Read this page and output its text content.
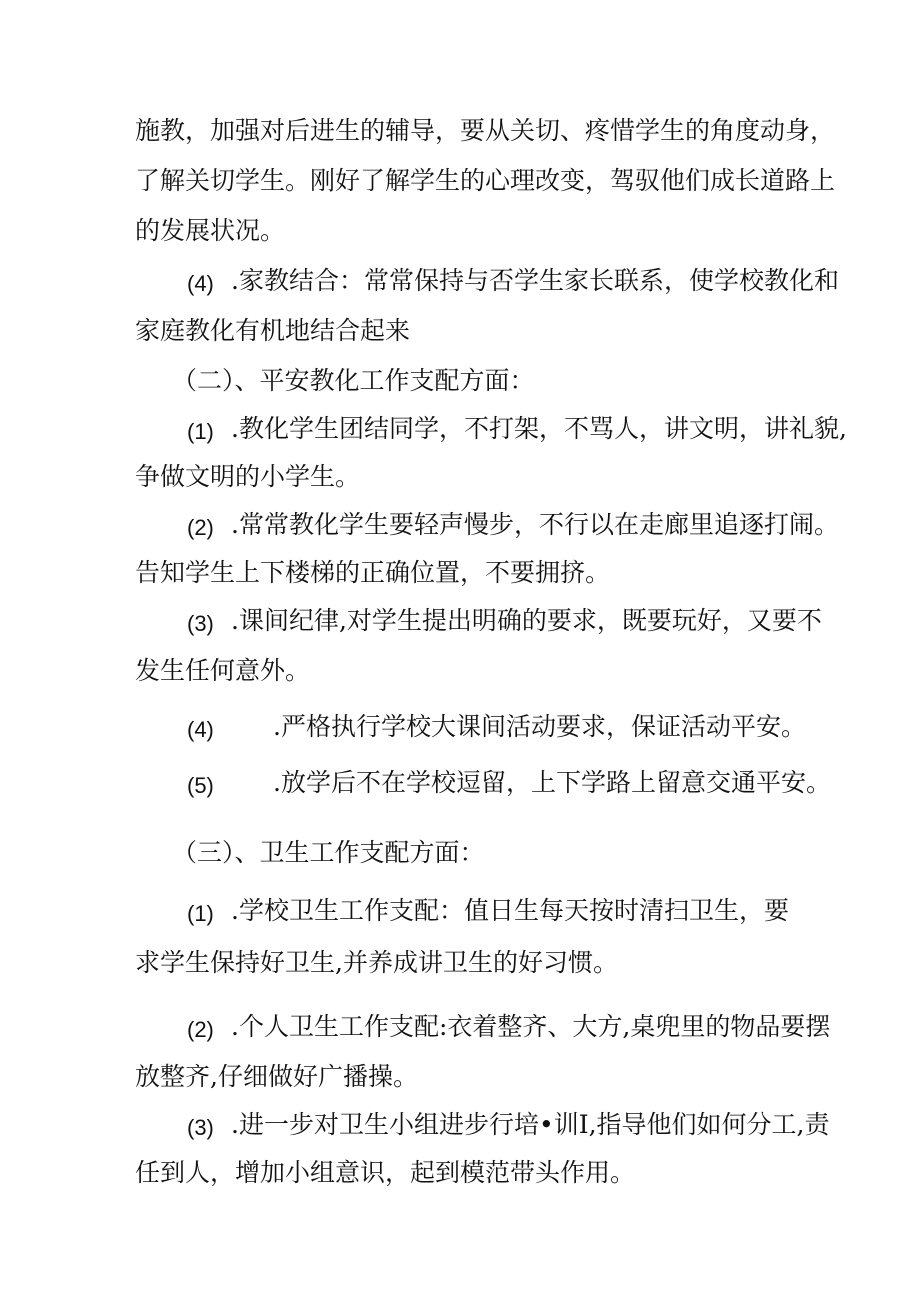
施教，加强对后进生的辅导，要从关切、疼惜学生的角度动身，
了解关切学生。刚好了解学生的心理改变，驾驭他们成长道路上
的发展状况。
(4) .家教结合：常常保持与否学生家长联系，使学校教化和
家庭教化有机地结合起来
（二）、平安教化工作支配方面：
(1) .教化学生团结同学，不打架，不骂人，讲文明，讲礼貌,
争做文明的小学生。
(2) .常常教化学生要轻声慢步，不行以在走廊里追逐打闹。
告知学生上下楼梯的正确位置，不要拥挤。
(3) .课间纪律,对学生提出明确的要求，既要玩好，又要不
发生任何意外。
(4) .严格执行学校大课间活动要求，保证活动平安。
(5) .放学后不在学校逗留，上下学路上留意交通平安。
（三）、卫生工作支配方面：
(1) .学校卫生工作支配：值日生每天按时清扫卫生，要
求学生保持好卫生,并养成讲卫生的好习惯。
(2) .个人卫生工作支配:衣着整齐、大方,桌兜里的物品要摆
放整齐,仔细做好广播操。
(3) .进一步对卫生小组进步行培•训I,指导他们如何分工,责
任到人，增加小组意识，起到模范带头作用。
